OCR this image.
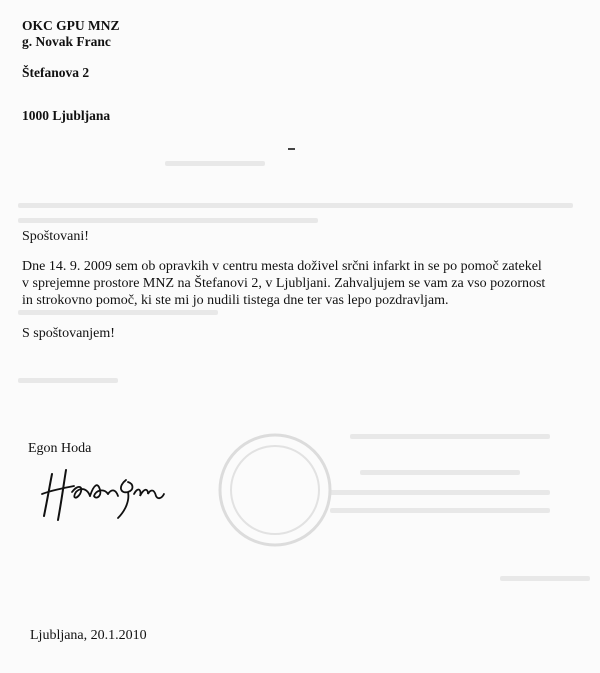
OKC GPU MNZ
g. Novak Franc
Štefanova 2
1000 Ljubljana
Spoštovani!
Dne 14. 9. 2009 sem ob opravkih v centru mesta doživel srčni infarkt in se po pomoč zatekel
v sprejemne prostore MNZ na Štefanovi 2, v Ljubljani. Zahvaljujem se vam za vso pozornost
in strokovno pomoč, ki ste mi jo nudili tistega dne ter vas lepo pozdravljam.
S spoštovanjem!
Egon Hoda
Ljubljana, 20.1.2010
